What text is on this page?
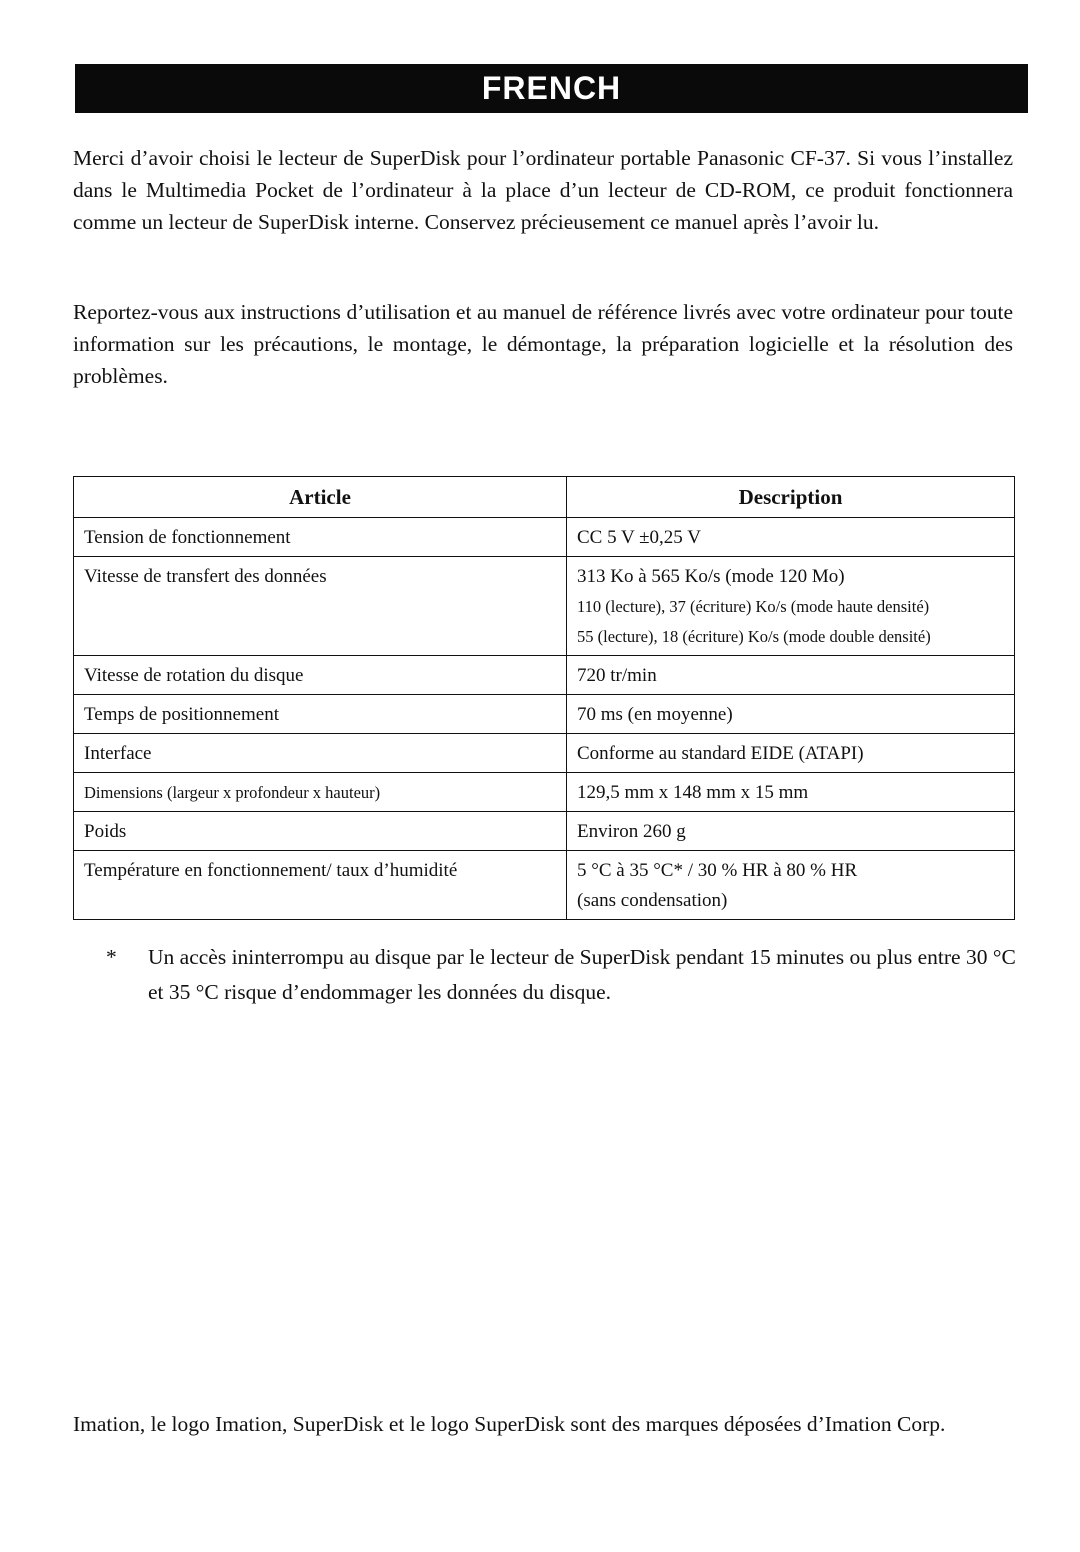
FRENCH

Merci d’avoir choisi le lecteur de SuperDisk pour l’ordinateur portable Panasonic CF-37. Si vous l’installez dans le Multimedia Pocket de l’ordinateur à la place d’un lecteur de CD-ROM, ce produit fonctionnera comme un lecteur de SuperDisk interne. Conservez précieusement ce manuel après l’avoir lu.

Reportez-vous aux instructions d’utilisation et au manuel de référence livrés avec votre ordinateur pour toute information sur les précautions, le montage, le démontage, la préparation logicielle et la résolution des problèmes.

Article	Description
Tension de fonctionnement	CC 5 V ±0,25 V
Vitesse de transfert des données	313 Ko à 565 Ko/s (mode 120 Mo)
110 (lecture), 37 (écriture) Ko/s (mode haute densité)
55 (lecture), 18 (écriture) Ko/s (mode double densité)

Vitesse de rotation du disque	720 tr/min
Temps de positionnement	70 ms (en moyenne)
Interface	Conforme au standard EIDE (ATAPI)
Dimensions (largeur x profondeur x hauteur)	129,5 mm x 148 mm x 15 mm
Poids	Environ 260 g
Température en fonctionnement/ taux d’humidité	5 °C à 35 °C* / 30 % HR à 80 % HR
(sans condensation)
* Un accès ininterrompu au disque par le lecteur de SuperDisk pendant 15 minutes ou plus entre 30 °C et 35 °C risque d’endommager les données du disque.

Imation, le logo Imation, SuperDisk et le logo SuperDisk sont des marques déposées d’Imation Corp.
